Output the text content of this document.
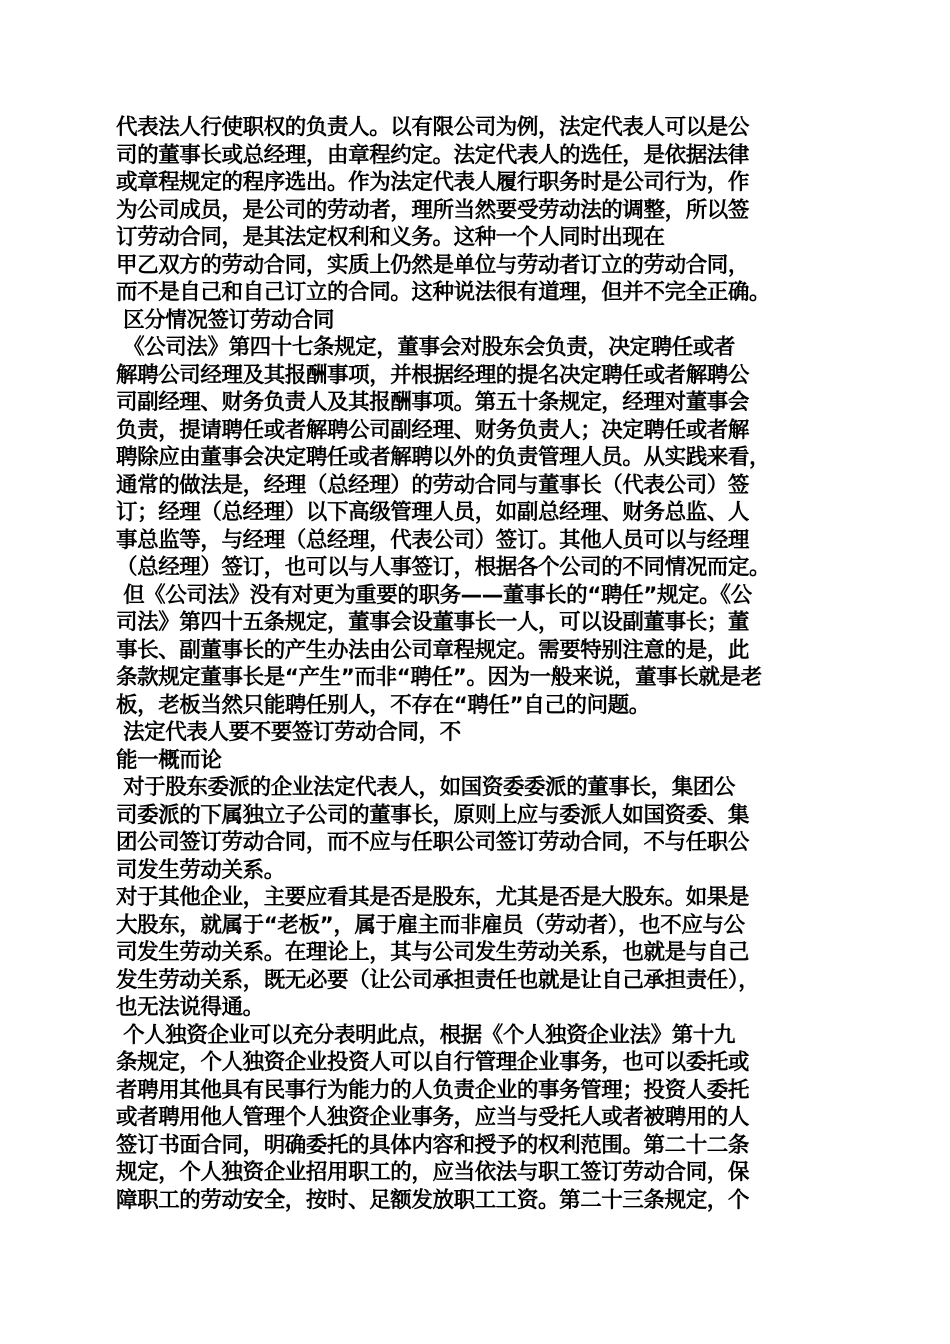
代表法人行使职权的负责人。以有限公司为例，法定代表人可以是公
司的董事长或总经理，由章程约定。法定代表人的选任，是依据法律
或章程规定的程序选出。作为法定代表人履行职务时是公司行为，作
为公司成员，是公司的劳动者，理所当然要受劳动法的调整，所以签
订劳动合同，是其法定权利和义务。这种一个人同时出现在
甲乙双方的劳动合同，实质上仍然是单位与劳动者订立的劳动合同，
而不是自己和自己订立的合同。这种说法很有道理，但并不完全正确。
区分情况签订劳动合同
《公司法》第四十七条规定，董事会对股东会负责，决定聘任或者
解聘公司经理及其报酬事项，并根据经理的提名决定聘任或者解聘公
司副经理、财务负责人及其报酬事项。第五十条规定，经理对董事会
负责，提请聘任或者解聘公司副经理、财务负责人；决定聘任或者解
聘除应由董事会决定聘任或者解聘以外的负责管理人员。从实践来看，
通常的做法是，经理（总经理）的劳动合同与董事长（代表公司）签
订；经理（总经理）以下高级管理人员，如副总经理、财务总监、人
事总监等，与经理（总经理，代表公司）签订。其他人员可以与经理
（总经理）签订，也可以与人事签订，根据各个公司的不同情况而定。
但《公司法》没有对更为重要的职务——董事长的“聘任”规定。《公
司法》第四十五条规定，董事会设董事长一人，可以设副董事长；董
事长、副董事长的产生办法由公司章程规定。需要特别注意的是，此
条款规定董事长是“产生”而非“聘任”。因为一般来说，董事长就是老
板，老板当然只能聘任别人，不存在“聘任”自己的问题。
法定代表人要不要签订劳动合同，不
能一概而论
对于股东委派的企业法定代表人，如国资委委派的董事长，集团公
司委派的下属独立子公司的董事长，原则上应与委派人如国资委、集
团公司签订劳动合同，而不应与任职公司签订劳动合同，不与任职公
司发生劳动关系。
对于其他企业，主要应看其是否是股东，尤其是否是大股东。如果是
大股东，就属于“老板”，属于雇主而非雇员（劳动者），也不应与公
司发生劳动关系。在理论上，其与公司发生劳动关系，也就是与自己
发生劳动关系，既无必要（让公司承担责任也就是让自己承担责任），
也无法说得通。
个人独资企业可以充分表明此点，根据《个人独资企业法》第十九
条规定，个人独资企业投资人可以自行管理企业事务，也可以委托或
者聘用其他具有民事行为能力的人负责企业的事务管理；投资人委托
或者聘用他人管理个人独资企业事务，应当与受托人或者被聘用的人
签订书面合同，明确委托的具体内容和授予的权利范围。第二十二条
规定，个人独资企业招用职工的，应当依法与职工签订劳动合同，保
障职工的劳动安全，按时、足额发放职工工资。第二十三条规定，个
